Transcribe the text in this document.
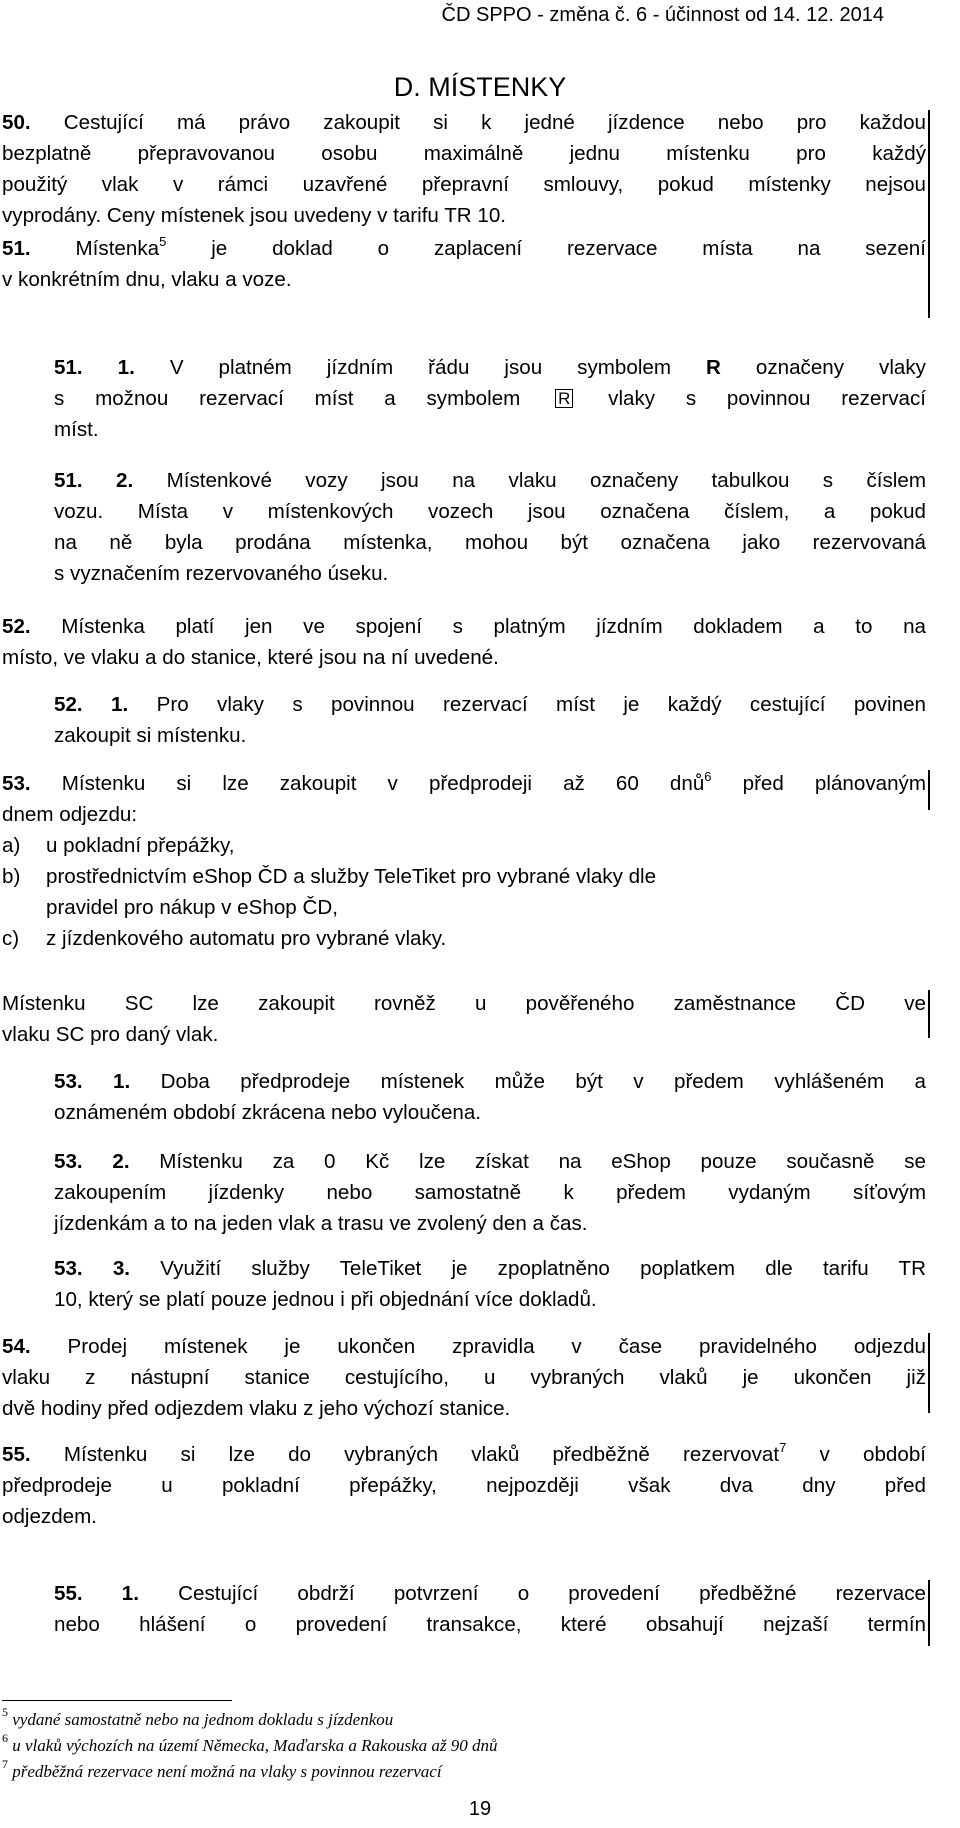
ČD SPPO - změna č. 6 - účinnost od 14. 12. 2014
D. MÍSTENKY
50. Cestující má právo zakoupit si k jedné jízdence nebo pro každou
bezplatně přepravovanou osobu maximálně jednu místenku pro každý
použitý vlak v rámci uzavřené přepravní smlouvy, pokud místenky nejsou
vyprodány. Ceny místenek jsou uvedeny v tarifu TR 10.
51. Místenka$^5$ je doklad o zaplacení rezervace místa na sezení
v konkrétním dnu, vlaku a voze.
51. 1. V platném jízdním řádu jsou symbolem R označeny vlaky
s možnou rezervací míst a symbolem R vlaky s povinnou rezervací
míst.
51. 2. Místenkové vozy jsou na vlaku označeny tabulkou s číslem
vozu. Místa v místenkových vozech jsou označena číslem, a pokud
na ně byla prodána místenka, mohou být označena jako rezervovaná
s vyznačením rezervovaného úseku.
52. Místenka platí jen ve spojení s platným jízdním dokladem a to na
místo, ve vlaku a do stanice, které jsou na ní uvedené.
52. 1. Pro vlaky s povinnou rezervací míst je každý cestující povinen
zakoupit si místenku.
53. Místenku si lze zakoupit v předprodeji až 60 dnů$^6$ před plánovaným
dnem odjezdu:
a) u pokladní přepážky,
b) prostřednictvím eShop ČD a služby TeleTiket pro vybrané vlaky dle
pravidel pro nákup v eShop ČD,
c) z jízdenkového automatu pro vybrané vlaky.
Místenku SC lze zakoupit rovněž u pověřeného zaměstnance ČD ve
vlaku SC pro daný vlak.
53. 1. Doba předprodeje místenek může být v předem vyhlášeném a
oznámeném období zkrácena nebo vyloučena.
53. 2. Místenku za 0 Kč lze získat na eShop pouze současně se
zakoupením jízdenky nebo samostatně k předem vydaným síťovým
jízdenkám a to na jeden vlak a trasu ve zvolený den a čas.
53. 3. Využití služby TeleTiket je zpoplatněno poplatkem dle tarifu TR
10, který se platí pouze jednou i při objednání více dokladů.
54. Prodej místenek je ukončen zpravidla v čase pravidelného odjezdu
vlaku z nástupní stanice cestujícího, u vybraných vlaků je ukončen již
dvě hodiny před odjezdem vlaku z jeho výchozí stanice.
55. Místenku si lze do vybraných vlaků předběžně rezervovat$^7$ v období
předprodeje u pokladní přepážky, nejpozději však dva dny před
odjezdem.
55. 1. Cestující obdrží potvrzení o provedení předběžné rezervace
nebo hlášení o provedení transakce, které obsahují nejzaší termín
$^5$ vydané samostatně nebo na jednom dokladu s jízdenkou
$^6$ u vlaků výchozích na území Německa, Maďarska a Rakouska až 90 dnů
$^7$ předběžná rezervace není možná na vlaky s povinnou rezervací
19
